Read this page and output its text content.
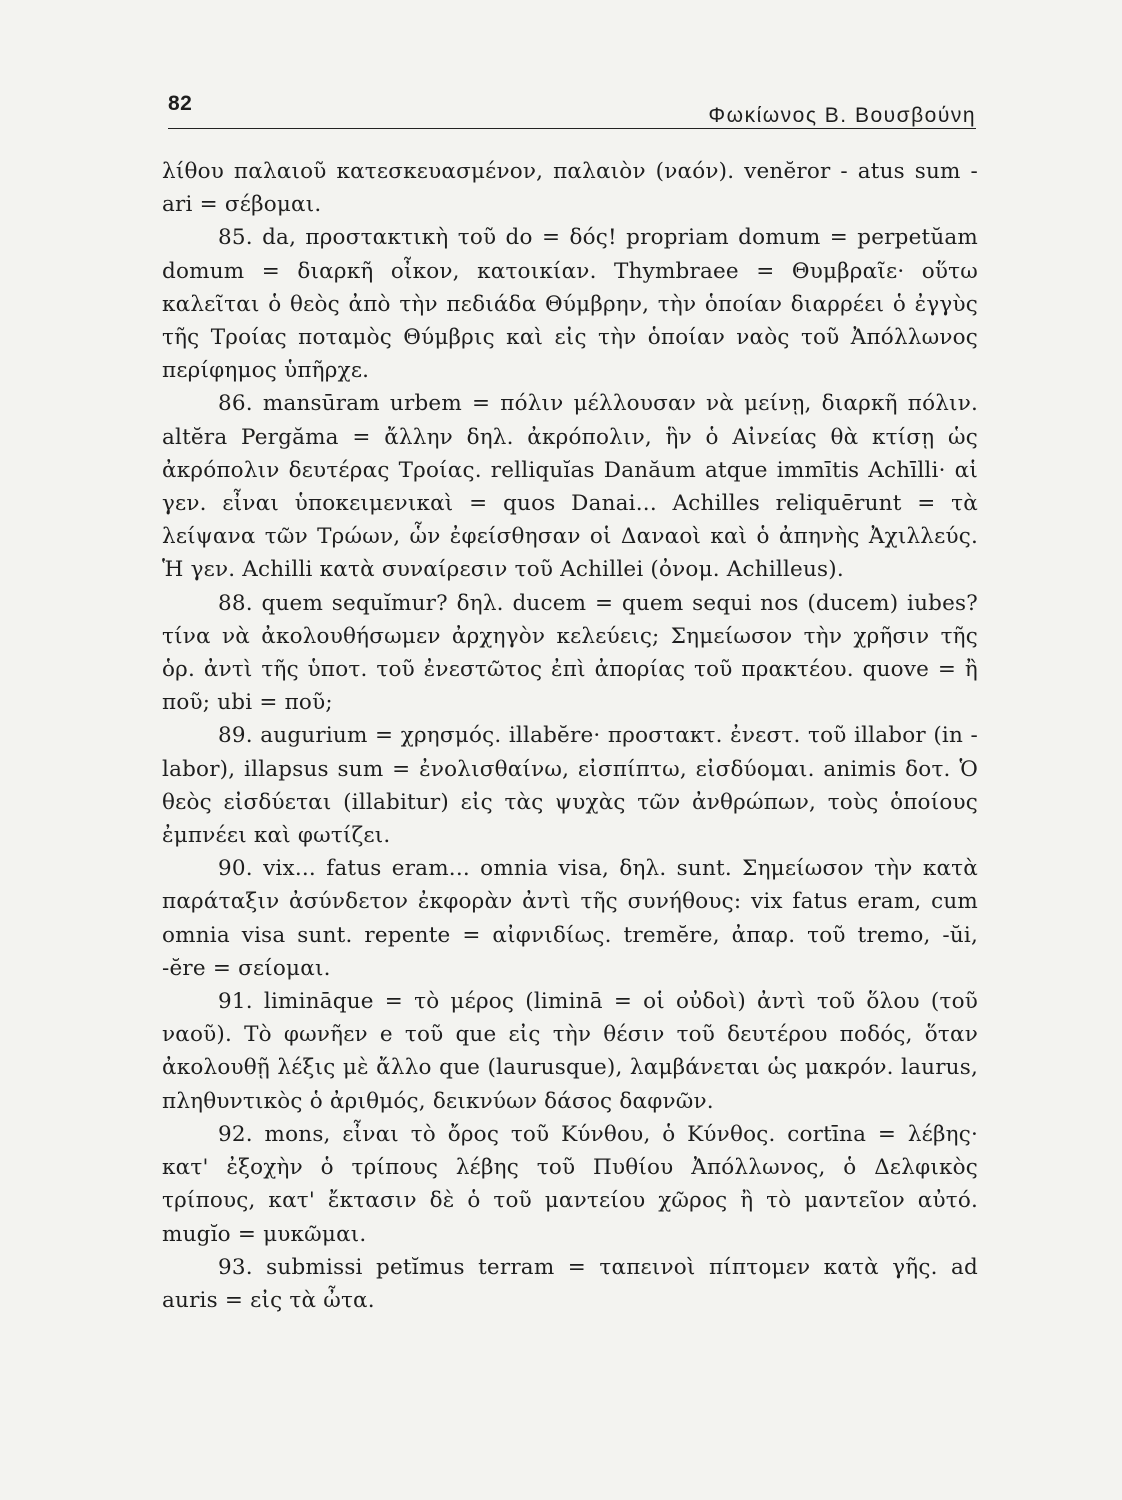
82
Φωκίωνος Β. Βουσβούνη

λίθου παλαιοῦ κατεσκευασμένον, παλαιὸν (ναόν). venĕror - atus sum - ari = σέβομαι.

85. da, προστακτικὴ τοῦ do = δός! propriam domum = perpetŭam domum = διαρκῆ οἶκον, κατοικίαν. Thymbraee = Θυμβραῖε· οὕτω καλεῖται ὁ θεὸς ἀπὸ τὴν πεδιάδα Θύμβρην, τὴν ὁποίαν διαρρέει ὁ ἐγγὺς τῆς Τροίας ποταμὸς Θύμβρις καὶ εἰς τὴν ὁποίαν ναὸς τοῦ Ἀπόλλωνος περίφημος ὑπῆρχε.

86. mansūram urbem = πόλιν μέλλουσαν νὰ μείνῃ, διαρκῆ πόλιν. altĕra Pergăma = ἄλλην δηλ. ἀκρόπολιν, ἣν ὁ Αἰνείας θὰ κτίσῃ ὡς ἀκρόπολιν δευτέρας Τροίας. relliquĭas Danăum atque immītis Achīlli· αἱ γεν. εἶναι ὑποκειμενικαὶ = quos Danai... Achilles reliquērunt = τὰ λείψανα τῶν Τρώων, ὧν ἐφείσθησαν οἱ Δαναοὶ καὶ ὁ ἀπηνὴς Ἀχιλλεύς. Ἡ γεν. Achilli κατὰ συναίρεσιν τοῦ Achillei (ὀνομ. Achilleus).

88. quem sequĭmur? δηλ. ducem = quem sequi nos (ducem) iubes? τίνα νὰ ἀκολουθήσωμεν ἀρχηγὸν κελεύεις; Σημείωσον τὴν χρῆσιν τῆς ὁρ. ἀντὶ τῆς ὑποτ. τοῦ ἐνεστῶτος ἐπὶ ἀπορίας τοῦ πρακτέου. quove = ἢ ποῦ; ubi = ποῦ;

89. augurium = χρησμός. illabĕre· προστακτ. ἐνεστ. τοῦ illabor (in - labor), illapsus sum = ἐνολισθαίνω, εἰσπίπτω, εἰσδύομαι. animis δοτ. Ὁ θεὸς εἰσδύεται (illabitur) εἰς τὰς ψυχὰς τῶν ἀνθρώπων, τοὺς ὁποίους ἐμπνέει καὶ φωτίζει.

90. vix... fatus eram... omnia visa, δηλ. sunt. Σημείωσον τὴν κατὰ παράταξιν ἀσύνδετον ἐκφορὰν ἀντὶ τῆς συνήθους: vix fatus eram, cum omnia visa sunt. repente = αἰφνιδίως. tremĕre, ἀπαρ. τοῦ tremo, -ŭi, -ĕre = σείομαι.

91. limināque = τὸ μέρος (liminā = οἱ οὐδοὶ) ἀντὶ τοῦ ὅλου (τοῦ ναοῦ). Τὸ φωνῆεν e τοῦ que εἰς τὴν θέσιν τοῦ δευτέρου ποδός, ὅταν ἀκολουθῇ λέξις μὲ ἄλλο que (laurusque), λαμβάνεται ὡς μακρόν. laurus, πληθυντικὸς ὁ ἀριθμός, δεικνύων δάσος δαφνῶν.

92. mons, εἶναι τὸ ὄρος τοῦ Κύνθου, ὁ Κύνθος. cortīna = λέβης· κατ' ἐξοχὴν ὁ τρίπους λέβης τοῦ Πυθίου Ἀπόλλωνος, ὁ Δελφικὸς τρίπους, κατ' ἔκτασιν δὲ ὁ τοῦ μαντείου χῶρος ἢ τὸ μαντεῖον αὐτό. mugĭo = μυκῶμαι.

93. submissi petĭmus terram = ταπεινοὶ πίπτομεν κατὰ γῆς. ad auris = εἰς τὰ ὦτα.
